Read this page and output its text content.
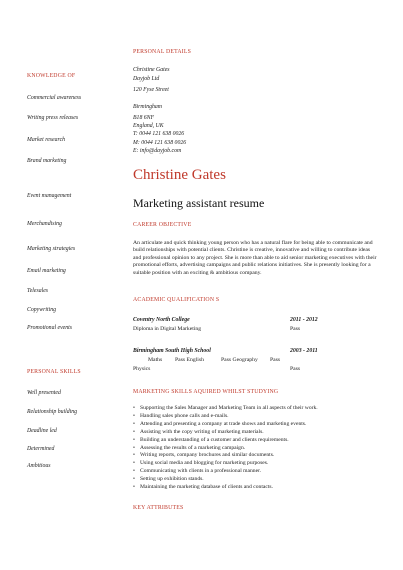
PERSONAL DETAILS
KNOWLEDGE OF
Christine Gates
Dayjob Ltd
120 Fyse Street
Birmingham
B18 6NF
England, UK
T: 0044 121 638 0026
M: 0044 121 638 0026
E: info@dayjob.com
Commercial awareness
Writing press releases
Market research
Brand marketing
Event management
Merchandising
Marketing strategies
Email marketing
Telesales
Copywriting
Promotional events
PERSONAL SKILLS
Well presented
Relationship building
Deadline led
Determined
Ambitious
Christine Gates
Marketing assistant resume
CAREER OBJECTIVE
An articulate and quick thinking young person who has a natural flare for being able to communicate and build relationships with potential clients. Christine is creative, innovative and willing to contribute ideas and professional opinion to any project. She is more than able to aid senior marketing executives with their promotional efforts, advertising campaigns and public relations initiatives. She is presently looking for a suitable position with an exciting & ambitious company.
ACADEMIC QUALIFICATION S
Coventry North College	2011 - 2012
Diploma in Digital Marketing	Pass
Birmingham South High School	2003 - 2011
Maths Pass English	Pass Geography Pass
Physics	Pass
MARKETING SKILLS AQUIRED WHILST STUDYING
• Supporting the Sales Manager and Marketing Team in all aspects of their work.
• Handling sales phone calls and e-mails.
• Attending and presenting a company at trade shows and marketing events.
• Assisting with the copy writing of marketing materials.
• Building an understanding of a customer and clients requirements.
• Assessing the results of a marketing campaign.
• Writing reports, company brochures and similar documents.
• Using social media and blogging for marketing purposes.
• Communicating with clients in a professional manner.
• Setting up exhibition stands.
• Maintaining the marketing database of clients and contacts.
KEY ATTRIBUTES
